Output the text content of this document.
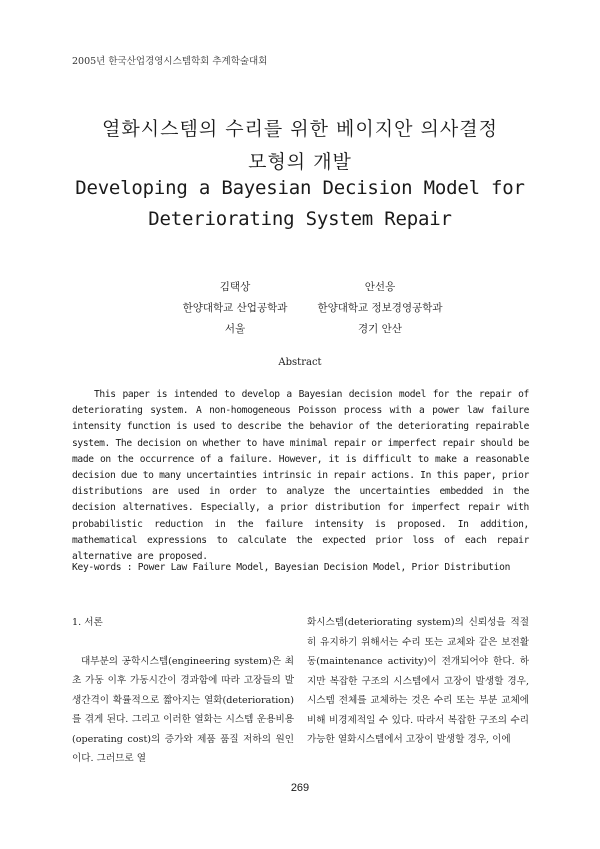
2005년 한국산업경영시스템학회 추계학술대회
열화시스템의 수리를 위한 베이지안 의사결정
모형의 개발
Developing a Bayesian Decision Model for
Deteriorating System Repair
김택상
한양대학교 산업공학과
서울
안선응
한양대학교 정보경영공학과
경기 안산
Abstract

This paper is intended to develop a Bayesian decision model for the repair of deteriorating system. A non-homogeneous Poisson process with a power law failure intensity function is used to describe the behavior of the deteriorating repairable system. The decision on whether to have minimal repair or imperfect repair should be made on the occurrence of a failure. However, it is difficult to make a reasonable decision due to many uncertainties intrinsic in repair actions. In this paper, prior distributions are used in order to analyze the uncertainties embedded in the decision alternatives. Especially, a prior distribution for imperfect repair with probabilistic reduction in the failure intensity is proposed. In addition, mathematical expressions to calculate the expected prior loss of each repair alternative are proposed.

Key-words : Power Law Failure Model, Bayesian Decision Model, Prior Distribution
1. 서론

대부분의 공학시스템(engineering system)은 최초 가동 이후 가동시간이 경과함에 따라 고장들의 발생간격이 확률적으로 짧아지는 열화(deterioration)를 겪게 된다. 그리고 이러한 열화는 시스템 운용비용(operating cost)의 증가와 제품 품질 저하의 원인이다. 그러므로 열

화시스템(deteriorating system)의 신뢰성을 적절히 유지하기 위해서는 수리 또는 교체와 같은 보전활동(maintenance activity)이 전개되어야 한다. 하지만 복잡한 구조의 시스템에서 고장이 발생할 경우, 시스템 전체를 교체하는 것은 수리 또는 부분 교체에 비해 비경제적일 수 있다. 따라서 복잡한 구조의 수리 가능한 열화시스템에서 고장이 발생할 경우, 이에

269
